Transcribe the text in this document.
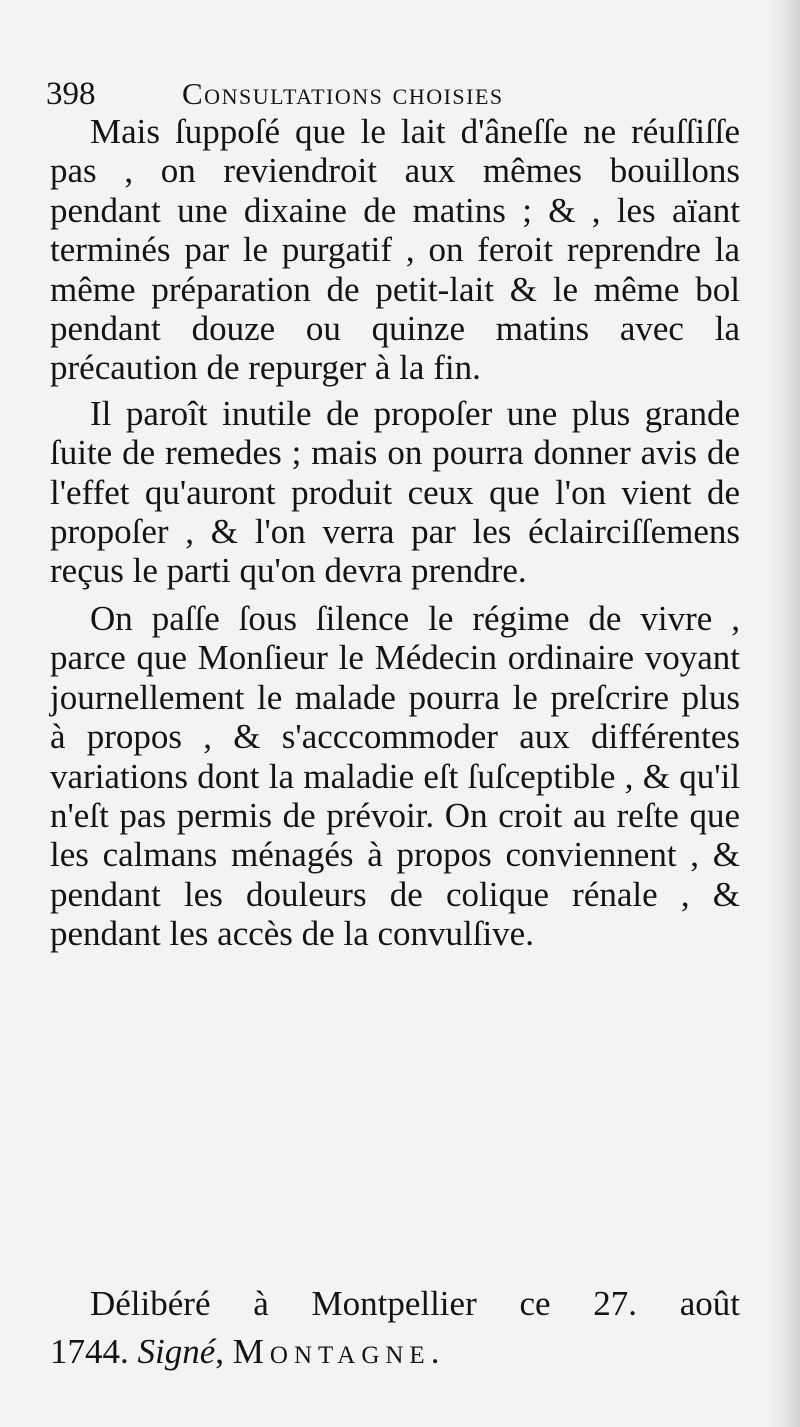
398	Consultations choisies

Mais ſuppoſé que le lait d'âneſſe ne réuſſiſſe pas , on reviendroit aux mêmes bouillons pendant une dixaine de matins ; & , les aïant terminés par le purgatif , on feroit reprendre la même préparation de petit-lait & le même bol pendant douze ou quinze matins avec la précaution de repurger à la fin.

Il paroît inutile de propoſer une plus grande ſuite de remedes ; mais on pourra donner avis de l'effet qu'auront produit ceux que l'on vient de propoſer , & l'on verra par les éclairciſſemens reçus le parti qu'on devra prendre.

On paſſe ſous ſilence le régime de vivre , parce que Monſieur le Médecin ordinaire voyant journellement le malade pourra le preſcrire plus à propos , & s'acccommoder aux différentes variations dont la maladie eſt ſuſceptible , & qu'il n'eſt pas permis de prévoir. On croit au reſte que les calmans ménagés à propos conviennent , & pendant les douleurs de colique rénale , & pendant les accès de la convulſive.

Délibéré à Montpellier ce 27. août
1744. Signé, Montagne.
